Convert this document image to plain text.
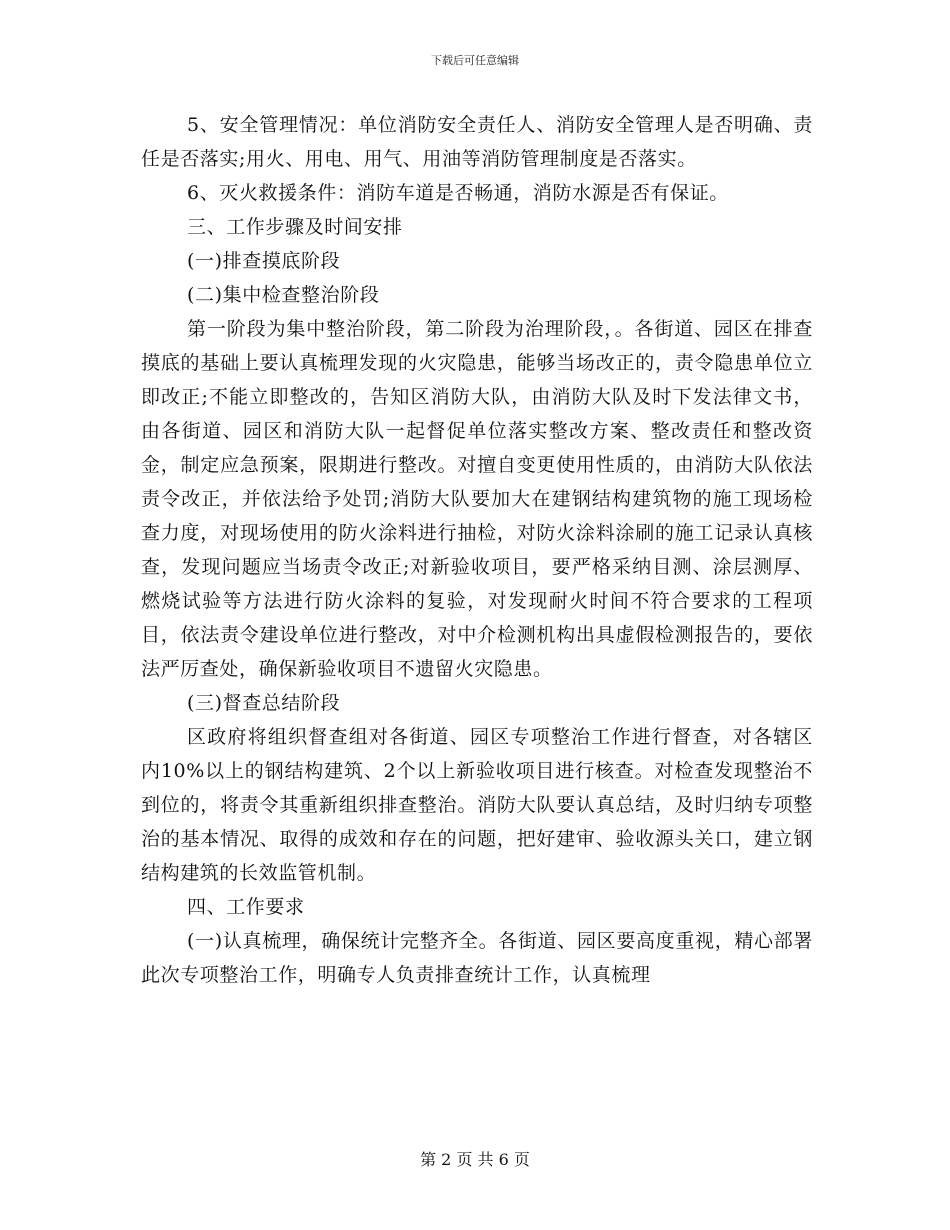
下载后可任意编辑

5、安全管理情况：单位消防安全责任人、消防安全管理人是否明确、责任是否落实;用火、用电、用气、用油等消防管理制度是否落实。

6、灭火救援条件：消防车道是否畅通，消防水源是否有保证。

三、工作步骤及时间安排

(一)排查摸底阶段

(二)集中检查整治阶段

第一阶段为集中整治阶段，第二阶段为治理阶段，。各街道、园区在排查摸底的基础上要认真梳理发现的火灾隐患，能够当场改正的，责令隐患单位立即改正;不能立即整改的，告知区消防大队，由消防大队及时下发法律文书，由各街道、园区和消防大队一起督促单位落实整改方案、整改责任和整改资金，制定应急预案，限期进行整改。对擅自变更使用性质的，由消防大队依法责令改正，并依法给予处罚;消防大队要加大在建钢结构建筑物的施工现场检查力度，对现场使用的防火涂料进行抽检，对防火涂料涂刷的施工记录认真核查，发现问题应当场责令改正;对新验收项目，要严格采纳目测、涂层测厚、燃烧试验等方法进行防火涂料的复验，对发现耐火时间不符合要求的工程项目，依法责令建设单位进行整改，对中介检测机构出具虚假检测报告的，要依法严厉查处，确保新验收项目不遗留火灾隐患。

(三)督查总结阶段

区政府将组织督查组对各街道、园区专项整治工作进行督查，对各辖区内10%以上的钢结构建筑、2个以上新验收项目进行核查。对检查发现整治不到位的，将责令其重新组织排查整治。消防大队要认真总结，及时归纳专项整治的基本情况、取得的成效和存在的问题，把好建审、验收源头关口，建立钢结构建筑的长效监管机制。

四、工作要求

(一)认真梳理，确保统计完整齐全。各街道、园区要高度重视，精心部署此次专项整治工作，明确专人负责排查统计工作，认真梳理

第 2 页 共 6 页
